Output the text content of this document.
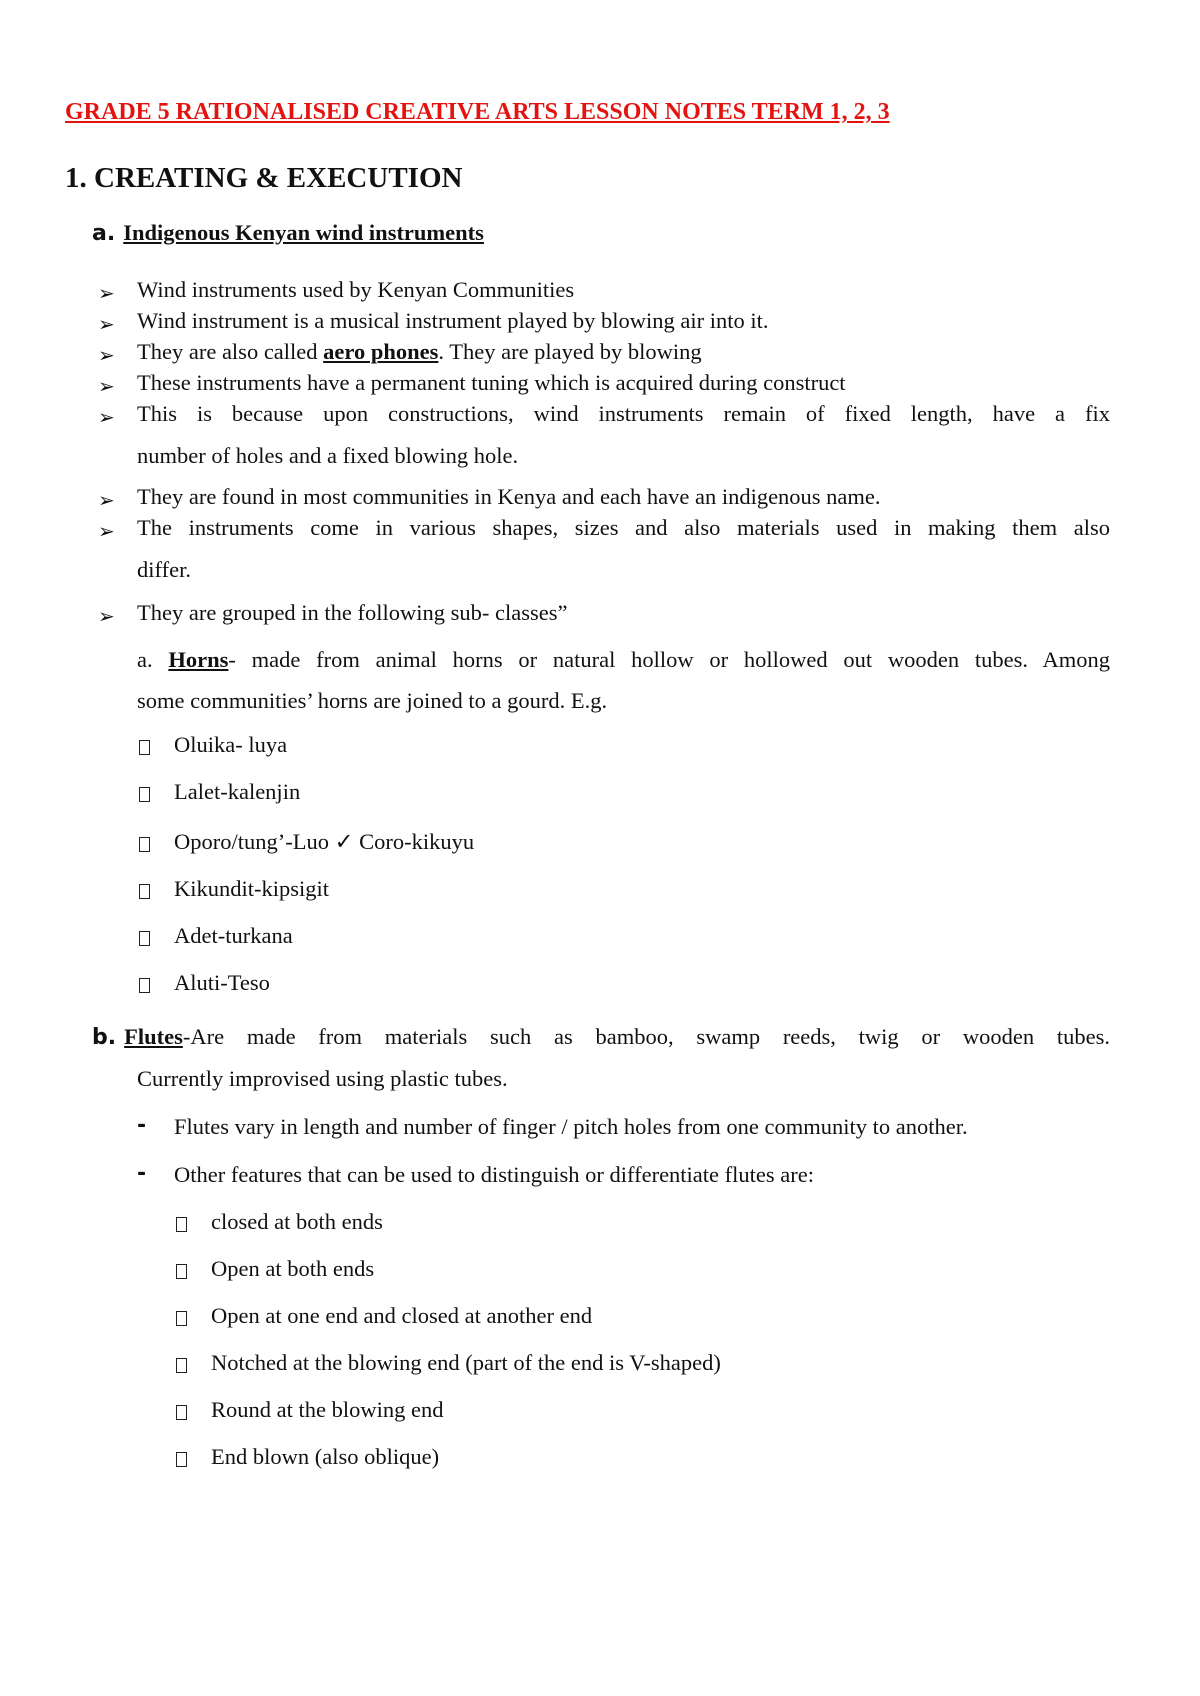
GRADE 5 RATIONALISED CREATIVE ARTS LESSON NOTES TERM 1, 2, 3
1. CREATING & EXECUTION
a. Indigenous Kenyan wind instruments
➢ Wind instruments used by Kenyan Communities
➢ Wind instrument is a musical instrument played by blowing air into it.
➢ They are also called aero phones. They are played by blowing
➢ These instruments have a permanent tuning which is acquired during construct
➢ This is because upon constructions, wind instruments remain of fixed length, have a fix
number of holes and a fixed blowing hole.
➢ They are found in most communities in Kenya and each have an indigenous name.
➢ The instruments come in various shapes, sizes and also materials used in making them also
differ.
➢ They are grouped in the following sub- classes”
a. Horns- made from animal horns or natural hollow or hollowed out wooden tubes. Among
some communities’ horns are joined to a gourd. E.g.
Oluika- luya
Lalet-kalenjin
Oporo/tung’-Luo ✓ Coro-kikuyu
Kikundit-kipsigit
Adet-turkana
Aluti-Teso
b. Flutes-Are made from materials such as bamboo, swamp reeds, twig or wooden tubes.
Currently improvised using plastic tubes.
- Flutes vary in length and number of finger / pitch holes from one community to another.
- Other features that can be used to distinguish or differentiate flutes are:
closed at both ends
Open at both ends
Open at one end and closed at another end
Notched at the blowing end (part of the end is V-shaped)
Round at the blowing end
End blown (also oblique)
